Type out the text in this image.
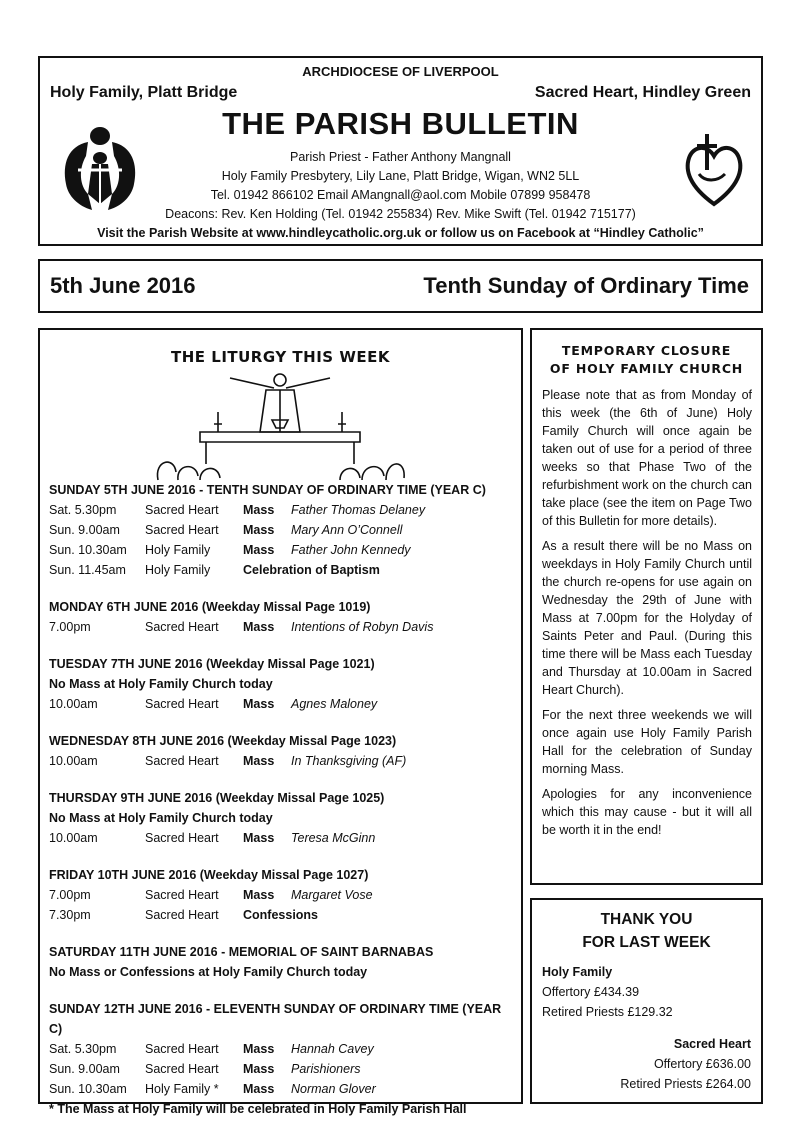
ARCHDIOCESE OF LIVERPOOL
Holy Family, Platt Bridge	Sacred Heart, Hindley Green
THE PARISH BULLETIN
Parish Priest - Father Anthony Mangnall
Holy Family Presbytery, Lily Lane, Platt Bridge, Wigan, WN2 5LL
Tel. 01942 866102 Email AMangnall@aol.com Mobile 07899 958478
Deacons: Rev. Ken Holding (Tel. 01942 255834) Rev. Mike Swift (Tel. 01942 715177)
Visit the Parish Website at www.hindleycatholic.org.uk or follow us on Facebook at “Hindley Catholic”
5th June 2016	Tenth Sunday of Ordinary Time
THE LITURGY THIS WEEK
SUNDAY 5TH JUNE 2016 - TENTH SUNDAY OF ORDINARY TIME (YEAR C)
Sat. 5.30pm	Sacred Heart	Mass	Father Thomas Delaney
Sun. 9.00am	Sacred Heart	Mass	Mary Ann O’Connell
Sun. 10.30am	Holy Family	Mass	Father John Kennedy
Sun. 11.45am	Holy Family	Celebration of Baptism
MONDAY 6TH JUNE 2016 (Weekday Missal Page 1019)
7.00pm	Sacred Heart	Mass	Intentions of Robyn Davis
TUESDAY 7TH JUNE 2016 (Weekday Missal Page 1021)
No Mass at Holy Family Church today
10.00am	Sacred Heart	Mass	Agnes Maloney
WEDNESDAY 8TH JUNE 2016 (Weekday Missal Page 1023)
10.00am	Sacred Heart	Mass	In Thanksgiving (AF)
THURSDAY 9TH JUNE 2016 (Weekday Missal Page 1025)
No Mass at Holy Family Church today
10.00am	Sacred Heart	Mass	Teresa McGinn
FRIDAY 10TH JUNE 2016 (Weekday Missal Page 1027)
7.00pm	Sacred Heart	Mass	Margaret Vose
7.30pm	Sacred Heart	Confessions
SATURDAY 11TH JUNE 2016 - MEMORIAL OF SAINT BARNABAS
No Mass or Confessions at Holy Family Church today
SUNDAY 12TH JUNE 2016 - ELEVENTH SUNDAY OF ORDINARY TIME (YEAR C)
Sat. 5.30pm	Sacred Heart	Mass	Hannah Cavey
Sun. 9.00am	Sacred Heart	Mass	Parishioners
Sun. 10.30am	Holy Family *	Mass	Norman Glover
* The Mass at Holy Family will be celebrated in Holy Family Parish Hall
TEMPORARY CLOSURE
OF HOLY FAMILY CHURCH

Please note that as from Monday of this week (the 6th of June) Holy Family Church will once again be taken out of use for a period of three weeks so that Phase Two of the refurbishment work on the church can take place (see the item on Page Two of this Bulletin for more details).

As a result there will be no Mass on weekdays in Holy Family Church until the church re-opens for use again on Wednesday the 29th of June with Mass at 7.00pm for the Holyday of Saints Peter and Paul. (During this time there will be Mass each Tuesday and Thursday at 10.00am in Sacred Heart Church).

For the next three weekends we will once again use Holy Family Parish Hall for the celebration of Sunday morning Mass.

Apologies for any inconvenience which this may cause - but it will all be worth it in the end!

THANK YOU
FOR LAST WEEK
Holy Family
Offertory £434.39
Retired Priests £129.32
Sacred Heart
Offertory £636.00
Retired Priests £264.00
